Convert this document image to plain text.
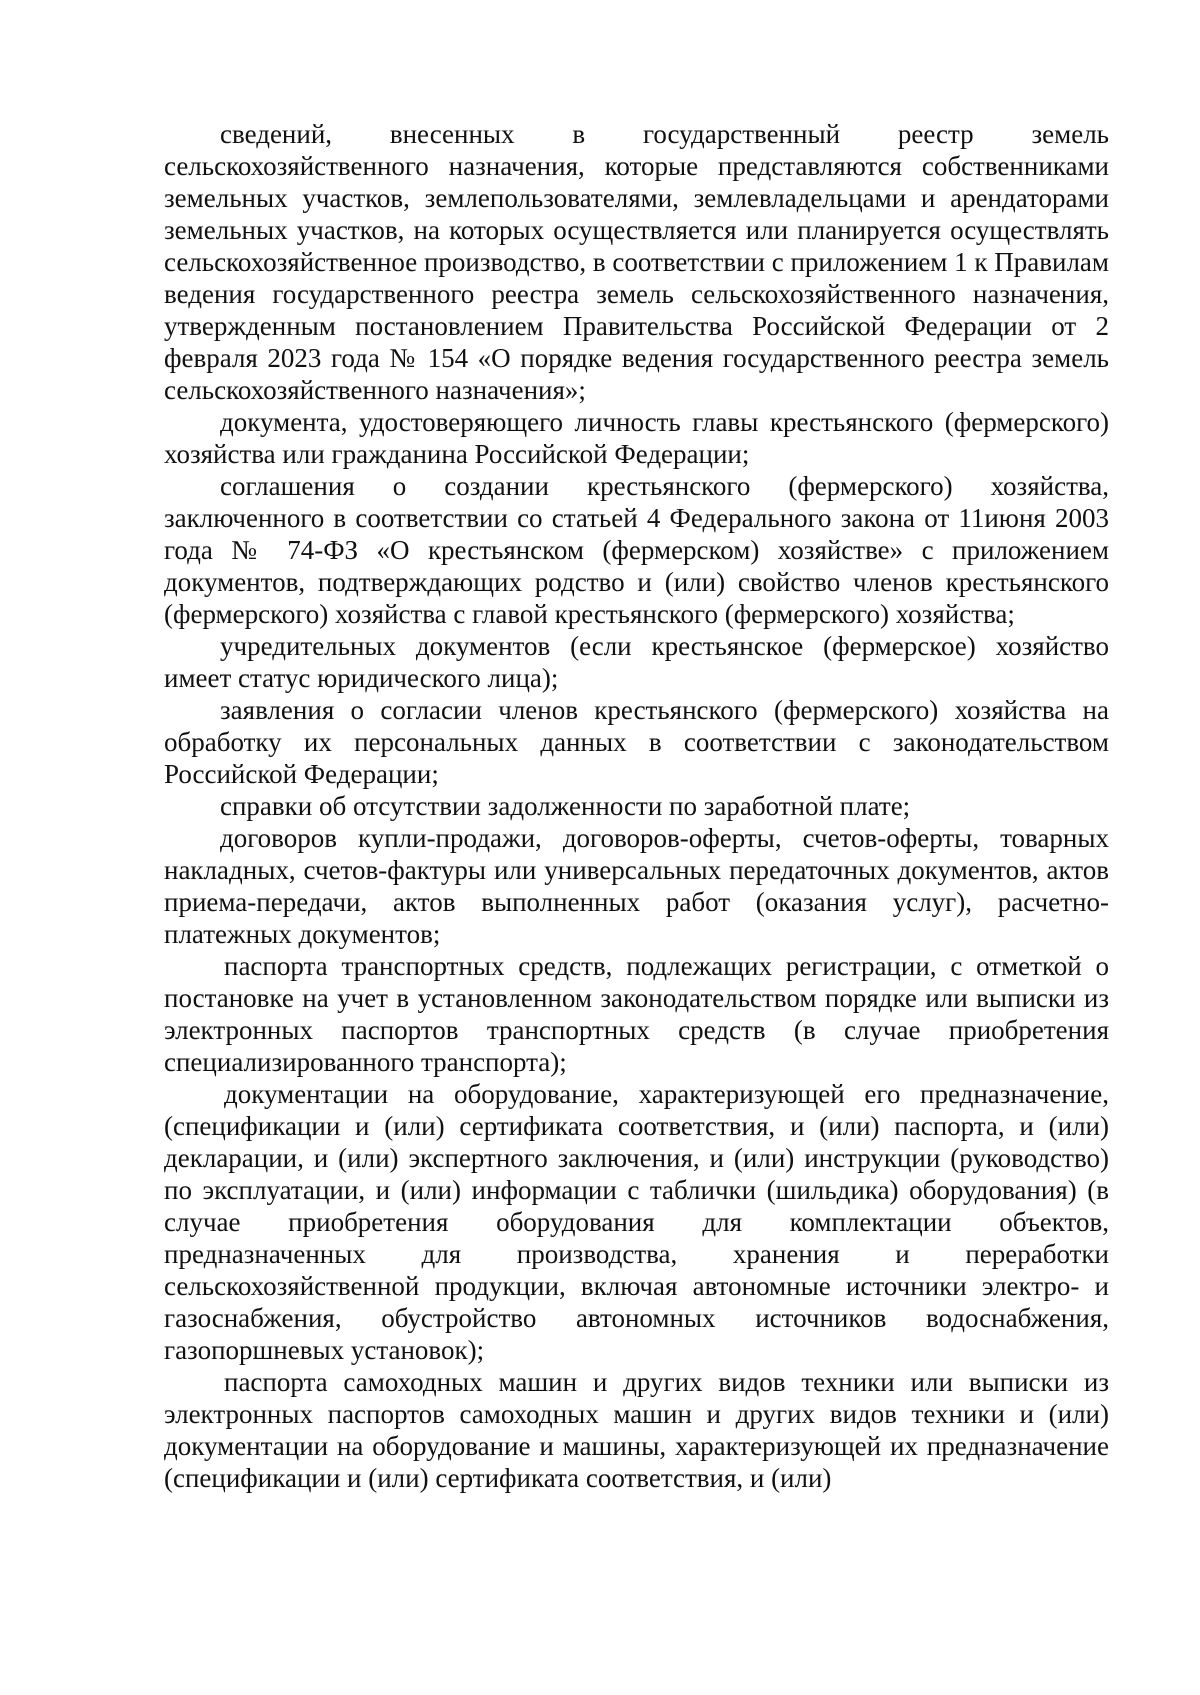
сведений, внесенных в государственный реестр земель сельскохозяйственного назначения, которые представляются собственниками земельных участков, землепользователями, землевладельцами и арендаторами земельных участков, на которых осуществляется или планируется осуществлять сельскохозяйственное производство, в соответствии с приложением 1 к Правилам ведения государственного реестра земель сельскохозяйственного назначения, утвержденным постановлением Правительства Российской Федерации от 2 февраля 2023 года № 154 «О порядке ведения государственного реестра земель сельскохозяйственного назначения»;

документа, удостоверяющего личность главы крестьянского (фермерского) хозяйства или гражданина Российской Федерации;

соглашения о создании крестьянского (фермерского) хозяйства, заключенного в соответствии со статьей 4 Федерального закона от 11июня 2003 года № 74-ФЗ «О крестьянском (фермерском) хозяйстве» с приложением документов, подтверждающих родство и (или) свойство членов крестьянского (фермерского) хозяйства с главой крестьянского (фермерского) хозяйства;

учредительных документов (если крестьянское (фермерское) хозяйство имеет статус юридического лица);

заявления о согласии членов крестьянского (фермерского) хозяйства на обработку их персональных данных в соответствии с законодательством Российской Федерации;

справки об отсутствии задолженности по заработной плате;

договоров купли-продажи, договоров-оферты, счетов-оферты, товарных накладных, счетов-фактуры или универсальных передаточных документов, актов приема-передачи, актов выполненных работ (оказания услуг), расчетно-платежных документов;

паспорта транспортных средств, подлежащих регистрации, с отметкой о постановке на учет в установленном законодательством порядке или выписки из электронных паспортов транспортных средств (в случае приобретения специализированного транспорта);

документации на оборудование, характеризующей его предназначение, (спецификации и (или) сертификата соответствия, и (или) паспорта, и (или) декларации, и (или) экспертного заключения, и (или) инструкции (руководство) по эксплуатации, и (или) информации с таблички (шильдика) оборудования) (в случае приобретения оборудования для комплектации объектов, предназначенных для производства, хранения и переработки сельскохозяйственной продукции, включая автономные источники электро- и газоснабжения, обустройство автономных источников водоснабжения, газопоршневых установок);

паспорта самоходных машин и других видов техники или выписки из электронных паспортов самоходных машин и других видов техники и (или) документации на оборудование и машины, характеризующей их предназначение (спецификации и (или) сертификата соответствия, и (или)
